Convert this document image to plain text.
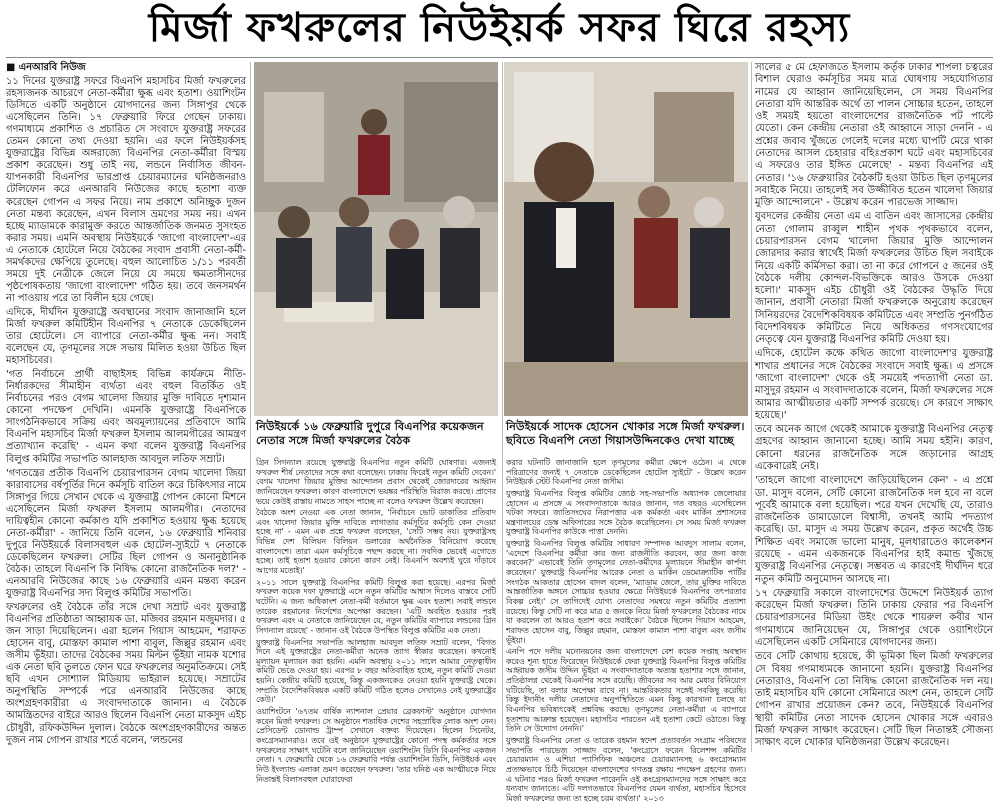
মির্জা ফখরুলের নিউইয়র্ক সফর ঘিরে রহস্য

■ এনআরবি নিউজ

১১ দিনের যুক্তরাষ্ট্র সফরে বিএনপি মহাসচিব মির্জা ফখরুলের রহস্যজনক আচরণে নেতা-কর্মীরা ক্ষুব্ধ এবং হতাশ। ওয়াশিংটন ডিসিতে একটি অনুষ্ঠানে যোগদানের জন্য সিঙ্গাপুর থেকে এসেছিলেন তিনি। ১৭ ফেব্রুয়ারি ফিরে গেছেন ঢাকায়। গণমাধ্যমে প্রকাশিত ও প্রচারিত সে সংবাদে যুক্তরাষ্ট্র সফরের তেমন কোনো তথ্য দেওয়া হয়নি। এর ফলে নিউইয়র্কসহ যুক্তরাষ্ট্রের বিভিন্ন অঙ্গরাজ্যে বিএনপির নেতা-কর্মীরা বিস্ময় প্রকাশ করেছেন। শুধু তাই নয়, লন্ডনে নির্বাসিত জীবন-যাপনকারী বিএনপির ভারপ্রাপ্ত চেয়ারম্যানের ঘনিষ্ঠজনরাও টেলিফোন করে এনআরবি নিউজের কাছে হতাশা ব্যক্ত করেছেন গোপন এ সফর নিয়ে। নাম প্রকাশে অনিচ্ছুক দুজন নেতা মন্তব্য করেছেন, এখন বিলাস ভ্রমণের সময় নয়। এখন হচ্ছে ম্যাডামকে কারামুক্ত করতে আন্তর্জাতিক জনমত সুসংহত করার সময়। এমনি অবস্থায় নিউইয়র্কে 'জাগো বাংলাদেশ'-এর এ নেতাকে হোটেলে নিয়ে বৈঠকের সংবাদ প্রবাসী নেতা-কর্মী-সমর্থকদের ক্ষেপিয়ে তুলেছে। বহুল আলোচিত ১/১১ পরবর্তী সময়ে দুই নেত্রীকে জেলে নিয়ে যে সময়ে ক্ষমতাসীনদের পৃষ্ঠপোষকতায় 'জাগো বাংলাদেশ' গঠিত হয়। তবে জনসমর্থন না পাওয়ায় পরে তা বিলীন হয়ে গেছে।

এদিকে, দীর্ঘদিন যুক্তরাষ্ট্রে অবস্থানের সংবাদ জানাজানি হলে মির্জা ফখরুল কমিটিহীন বিএনপির ৭ নেতাকে ডেকেছিলেন তার হোটেলে। সে ব্যাপারে নেতা-কর্মীর ক্ষুব্ধ নন। সবাই বলেছেন যে, তৃণমূলের সঙ্গে সভায় মিলিত হওয়া উচিত ছিল মহাসচিবের।

'গত নির্বাচনে প্রার্থী বাছাইসহ বিভিন্ন কার্যক্রমে নীতি-নির্ধারকদের সীমাহীন ব্যর্থতা এবং বহুল বিতর্কিত ওই নির্বাচনের পরও বেগম খালেদা জিয়ার মুক্তি দাবিতে দৃশ্যমান কোনো পদক্ষেপ দেখিনি। এমনকি যুক্তরাষ্ট্রে বিএনপিকে সাংগঠনিকভাবে সক্রিয় এবং অবমূল্যায়নের প্রতিবাদে আমি বিএনপি মহাসচিব মির্জা ফখরুল ইসলাম আলমগীরের আমন্ত্রণ প্রত্যাখ্যান করেছি' - এমন কথা বলেন যুক্তরাষ্ট্র বিএনপির বিলুপ্ত কমিটির সভাপতি আলহাজ আবদুল লতিফ সম্রাট।

'গণতন্ত্রের প্রতীক বিএনপি চেয়ারপারসন বেগম খালেদা জিয়া কারাবাসের বর্ষপূর্তির দিনে কর্মসূচি বাতিল করে চিকিৎসার নামে সিঙ্গাপুর গিয়ে সেখান থেকে এ যুক্তরাষ্ট্র গোপন কোনো মিশনে এসেছিলেন মির্জা ফখরুল ইসলাম আলমগীর। নেতাদের দায়িত্বহীন কোনো কর্মকাণ্ড যদি প্রকাশিত হওয়ায় ক্ষুব্ধ হয়েছে নেতা-কর্মীরা' - জানিয়ে তিনি বলেন, ১৬ ফেব্রুয়ারি শনিবার দুপুরে নিউইয়র্কে বিলাসবহুল এক হোটেল-স্যুইটে ৭ নেতাকে ডেকেছিলেন ফখরুল। সেটির ছিল গোপন ও অনানুষ্ঠানিক বৈঠক। তাহলে বিএনপি কি নিষিদ্ধ কোনো রাজনৈতিক দল?' - এনআরবি নিউজের কাছে ১৬ ফেব্রুয়ারি এমন মন্তব্য করেন যুক্তরাষ্ট্র বিএনপির সদ্য বিলুপ্ত কমিটির সভাপতি।

ফখরুলের ওই বৈঠকে তাঁর সঙ্গে দেখা সম্রাট এবং যুক্তরাষ্ট্র বিএনপির প্রতিষ্ঠাতা আহ্বায়ক ডা. মজিবর রহমান মজুমদার। ৫ জন সাড়া দিয়েছিলেন। এরা হলেন গিয়াস আহমেদ, শরাফত হোসেন বাবু, মোস্তফা কামাল পাশা বাবুল, জিল্লুর রহমান এবং জসীম ভূঁইয়া। তাদের বৈঠকের সময় মিল্টন ভূঁইয়া নামক যশোর এক নেতা ছবি তুলতে ফোন ঘরে ফখরুলের অনুমতিক্রমে। সেই ছবি এখন সোশ্যাল মিডিয়ায় ভাইরাল হয়েছে। সম্রাটের অনুপস্থিতি সম্পর্কে পরে এনআরবি নিউজের কাছে অংশগ্রহণকারীরা এ সংবাদদাতাকে জানান। এ বৈঠকে আমন্ত্রিতদের বাইরে আরও ছিলেন বিএনপি নেতা মাকসুদ এইচ চৌধুরী, রফিকউদ্দিন দুলাল। বৈঠকে অংশগ্রহণকারীদের অন্তত দুজন নাম গোপন রাখার শর্তে বলেন, 'লন্ডনের

নিউইয়র্কে ১৬ ফেব্রুয়ারি দুপুরে বিএনপির কয়েকজন নেতার সঙ্গে মির্জা ফখরুলের বৈঠক
নিউইয়র্কে সাদেক হোসেন খোকার সঙ্গে মির্জা ফখরুল। ছবিতে বিএনপি নেতা গিয়াসউদ্দিনকেও দেখা যাচ্ছে

গ্রিন সিগন্যাল রয়েছে যুক্তরাষ্ট্র বিএনপির নতুন কমিটি ঘোষণার। এজন্যই ফখরুল শীর্ষ নেতাদের সঙ্গে কথা বলেছেন। ঢাকায় ফিরেই নতুন কমিটি দেবেন।' বেগম খালেদা জিয়ার মুক্তির আন্দোলন প্রবাস থেকেই জোরদারের আহ্বান জানিয়েছেন ফখরুল। কারণ বাংলাদেশে ভয়ঙ্কর পরিস্থিতি বিরাজ করছে। প্রাণের ভয়ে কেউই রাস্তায় নামতে সাহস পাচ্ছে না বলেও ফখরুল উল্লেখ করেছেন।

বৈঠকে অংশ নেওয়া এক নেতা জানান, 'নির্বাচনে ভোট ডাকাতির প্রতিবাদ এবং খালেদা জিয়ার মুক্তি দাবিতে লাগাতার কর্মসূচির কর্মসূচি কেন দেওয়া হচ্ছে না' - এমন এক প্রশ্নে ফখরুল বলেছেন, 'সেটি সম্ভব নয়। যুক্তরাষ্ট্রসহ বিভিন্ন দেশ বিলিয়ন বিলিয়ন ডলারের অর্থনৈতিক বিনিয়োগ করেছে বাংলাদেশে। তারা এমন কর্মসূচিকে পছন্দ করছে না। সবদিক ভেবেই এগোতে হচ্ছে। তাই হতাশ হওয়ার কোনো কারণ নেই। বিএনপি অবশ্যই ঘুরে দাঁড়াবে আগের মতোই।'

২০১১ সালে যুক্তরাষ্ট্র বিএনপির কমিটি বিলুপ্ত করা হয়েছে। এরপর মির্জা ফখরুল কয়েক দফা যুক্তরাষ্ট্রে এসে নতুন কমিটির আশ্বাস দিলেও বাস্তবে সেটি ঘটেনি। এ জন্য অধিকাংশ নেতা-কর্মী বর্তমানে ক্ষুব্ধ এবং হতাশ। সবাই লন্ডনে তারেক রহমানের নির্দেশের অপেক্ষা করছেন। 'এটি অবহিত হওয়ার পরই ফখরুল এবং এ নেতাকে জানিয়েছেন যে, নতুন কমিটির ব্যাপারে লন্ডনের গ্রিন সিগন্যাল রয়েছে' - জানান ওই বৈঠকে উপস্থিত বিলুপ্ত কমিটির এক নেতা।

যুক্তরাষ্ট্র বিএনপির সভাপতি আলহাজ আবদুল লতিফ সম্রাট বলেন, 'বিগত দিনে এই যুক্তরাষ্ট্রের নেতা-কর্মীরা অনেক ত্যাগ স্বীকার করেছেন। কখনোই মূল্যায়ন মূল্যায়ন করা হয়নি। এমনি অবস্থায় ২০১১ সালে আমার নেতৃত্বাধীন কমিটি ভেঙে দেওয়া হয়। এরপর ৮ বছর অতিবাহিত হচ্ছে, নতুন কমিটি দেওয়া হয়নি। কেন্দ্রীয় কমিটি হয়েছে, কিন্তু একজনকেও নেওয়া হয়নি যুক্তরাষ্ট্র থেকে। সম্প্রতি বৈদেশিকবিষয়ক একটি কমিটি গঠিত হলেও সেখানেও নেই যুক্তরাষ্ট্রের কেউ।'

ওয়াশিংটনে '৬৭তম বার্ষিক ন্যাশনাল প্রেয়ার ব্রেকফাস্ট' অনুষ্ঠানে যোগদান করেন মির্জা ফখরুল। সে অনুষ্ঠানে শতাধিক দেশের সহস্রাধিক লোক অংশ নেন। প্রেসিডেন্ট ডোনাল্ড ট্রাম্প সেখানে বক্তব্য দিয়েছেন। ছিলেন সিনেটর, কংগ্রেসম্যানরাও। তবে ওই অনুষ্ঠানে যুক্তরাষ্ট্রের কোনো পদস্থ কর্মকর্তার সঙ্গে ফখরুলের সাক্ষাৎ ঘটেনি বলে জানিয়েছেন ওয়াশিংটন ডিসি বিএনপির একজন নেতা। ৭ ফেব্রুয়ারি থেকে ১৬ ফেব্রুয়ারি পর্যন্ত ওয়াশিংটন ডিসি, নিউইয়র্ক এবং নিউ ইংল্যান্ড এলাকা ভ্রমণ করেছেন ফখরুল। 'তার ঘনিষ্ঠ এক আত্মীয়কে নিয়ে নিতান্তই বিলাসবহুল ঘোরাফেরা

করার ঘটনাটি জানাজানি হলে তৃণমূলের কর্মীরা ক্ষেপে ওঠেন। এ থেকে পরিত্রাণের জন্যই ৭ নেতাকে ডেকেছিলেন হোটেল স্যুইটে' - উল্লেখ করেন নিউইয়র্ক স্টেট বিএনপির নেতা জসীম।

যুক্তরাষ্ট্র বিএনপির বিলুপ্ত কমিটির জ্যেষ্ঠ সহ-সভাপতি অধ্যাপক জেলোয়ার হোসেন এ প্রসঙ্গে এ সংবাদদাতাকে আরও জানান, গত বছরও এসেছিলেন খটকা সফরে। জাতিসংঘের নিরাপত্তার এক কর্মকর্তা এবং মার্কিন প্রশাসনের মন্ত্রণালয়ের ডেস্ক অফিসারের সঙ্গে বৈঠক করেছিলেন। সে সময় মির্জা ফখরুল যুক্তরাষ্ট্র বিএনপির কাউকে পাত্তা দেননি।

যুক্তরাষ্ট্র বিএনপির বিলুপ্ত কমিটির সাধারণ সম্পাদক আবদুস সালাম বলেন, 'এদেশে বিএনপির কর্মীরা কার জন্য রাজনীতি করবেন, কার জন্য কাজ করবেন?' এভাবেই তিনি তৃণমূলের নেতা-কর্মীদের মূল্যায়নে সীমাহীন কার্পণ্য করেছেন।' যুক্তরাষ্ট্র বিএনপির আরেক নেতা ও মার্কিন ডেমোক্র্যাটিক পার্টির সংগঠক আকতার হোসেন বাদল বলেন, 'ম্যাডাম জেলে, তার মুক্তির দাবিতে আন্তর্জাতিক অঙ্গনে সোচ্চার হওয়ার ক্ষেত্রে নিউইয়র্কে বিএনপির তৎপরতার বিকল্প নেই।' সে তাগিদেই যোগ্য নেতাদের সমন্বয়ে নতুন কমিটির প্রত্যাশা রয়েছে। কিন্তু সেটি না করে মাত্র ৫ জনকে নিয়ে মির্জা ফখরুলের বৈঠকের নামে যা করলেন তা আরও হতাশ করে সবাইকে।' বৈঠকে ছিলেন গিয়াস আহমেদ, শরাফত হোসেন বাবু, জিল্লুর রহমান, মোস্তফা কামাল পাশা বাবুল এবং জসীম ভূঁইয়া।

এনপি পদে দলীয় মনোনয়নের জন্য বাংলাদেশে বেশ কয়েক সপ্তাহ অবস্থান করেও শূন্য হাতে ফিরেছেন নিউইয়র্কে ফেরা যুক্তরাষ্ট্র বিএনপির বিলুপ্ত কমিটির আহ্বায়ক জসীম উদ্দিন ভূঁইয়া এ সংবাদদাতাকে অত্যন্ত হতাশার সঙ্গে জানান, প্রতিষ্ঠালগ্ন থেকেই বিএনপির সঙ্গে রয়েছি। জীবনের সব আর মেধার বিনিয়োগ ঘটিয়েছি, তা বলার অপেক্ষা রাখে না। আন্তরিকতার সঙ্গেই সবকিছু করেছি। কিন্তু ইদানীং দলীয় নেতাদের অনুপস্থিতিতে এমন কিছু কারখানা চলছে যা বিএনপির ভবিষ্যৎকেই প্রশ্নবিদ্ধ করছে। তৃণমূলের নেতা-কর্মীরা এ ব্যাপারে হতাশায় আক্রান্ত হয়েছেন। মহাসচিব পারতেন এই হতাশা কেটে ওঠাতে। কিন্তু তিনি সে উদ্যোগ নেননি।'

যুক্তরাষ্ট্র বিএনপির নেতা ও তারেক রহমান স্বদেশ প্রত্যাবর্তন সংগ্রাম পরিষদের সভাপতি পারভেজ সাজ্জাদ বলেন, 'কংগ্রেসে ফরেন রিলেশন্স কমিটির চেয়ারম্যান ও এশিয়া প্যাসিফিক অঞ্চলের চেয়ারম্যানসহ ৬ কংগ্রেসম্যান প্রত্যক্ষভাবে চিঠি দিয়েছেন বাংলাদেশের গণতন্ত্র রক্ষায় পদক্ষেপ গ্রহণের জন্য। এ ঘটনার পরও মির্জা ফখরুল পারেননি ওই কংগ্রেসম্যানদের সঙ্গে সাক্ষাৎ করে ধন্যবাদ জানাতে। এটি দলগতভাবে বিএনপির যেমন ব্যর্থতা, মহাসচিব হিসেবে মির্জা ফখরুলের জন্য তা হচ্ছে চরম ব্যর্থতা।' ২০১৩

সালের ৫ মে হেফাজতে ইসলাম কর্তৃক ঢাকার শাপলা চত্বরের বিশাল ঘেরাও কর্মসূচির সময় মাত্র ঘোষণায় সহযোগিতার নামের যে আহ্বান জানিয়েছিলেন, সে সময় বিএনপির নেতারা যদি আন্তরিক অর্থে তা পালন সোচ্চার হতেন, তাহলে ওই সময়ই হয়তো বাংলাদেশের রাজনৈতিক পট পাল্টে যেতো। কেন কেন্দ্রীয় নেতারা ওই আহ্বানে সাড়া দেননি - এ প্রশ্নের জবাব খুঁজতে গেলেই দলের মধ্যে ঘাপটি মেরে থাকা নেতাদের আসল চেহারার বহিঃপ্রকাশ ঘটে এবং মহাসচিবের এ সফরেও তার ইঙ্গিত মেলেছে' - মন্তব্য বিএনপির এই নেতার। '১৬ ফেব্রুয়ারির বৈঠকটি হওয়া উচিত ছিল তৃণমূলের সবাইকে নিয়ে। তাহলেই সব উজ্জীবিত হতেন খালেদা জিয়ার মুক্তি আন্দোলনে' - উল্লেখ করেন পারভেজ সাজ্জাদ।

যুবদলের কেন্দ্রীয় নেতা এম এ বাতিন এবং জাসাসের কেন্দ্রীয় নেতা গোলাম রাব্বুল শাহীন পৃথক পৃথকভাবে বলেন, চেয়ারপারসন বেগম খালেদা জিয়ার মুক্তি আন্দোলন জোরদার করার স্বার্থেই মির্জা ফখরুলের উচিত ছিল সবাইকে নিয়ে একটি কর্মিসভা করা। তা না করে গোপনে ৫ জনের ওই বৈঠকে দলীয় কোন্দল-বিভক্তিকে আরও উসকে দেওয়া হলো।' মাকসুদ এইচ চৌধুরী ওই বৈঠকের উদ্ধৃতি দিয়ে জানান, প্রবাসী নেতারা মির্জা ফখরুলকে অনুরোধ করেছেন সিনিয়রদের বৈদেশিকবিষয়ক কমিটিতে এবং সম্প্রতি পুনর্গঠিত বিদেশবিষয়ক কমিটিতে নিয়ে অধিকতর গণসংযোগের নেতৃত্বে যেন যুক্তরাষ্ট্র বিএনপির কমিটি দেওয়া হয়।

এদিকে, হোটেল কক্ষে কথিত জাগো বাংলাদেশ'র যুক্তরাষ্ট্র শাখার প্রধানের সঙ্গে বৈঠকের সংবাদে সবাই ক্ষুব্ধ। এ প্রসঙ্গে 'জাগো বাংলাদেশ' থেকে ওই সময়েই পদত্যাগী নেতা ডা. মাসুদুর রহমান এ সংবাদদাতাকে বলেন, মির্জা ফখরুলের সঙ্গে আমার আত্মীয়তার একটি সম্পর্ক রয়েছে। সে কারণে সাক্ষাৎ হয়েছে।'

তবে অনেক আগে থেকেই আমাকে যুক্তরাষ্ট্র বিএনপির নেতৃত্ব গ্রহণের আহ্বান জানানো হচ্ছে। আমি সময় হইনি। কারণ, কোনো ধরনের রাজনৈতিক সঙ্গে জড়ানোর আগ্রহ একেবারেই নেই।

'তাহলে জাগো বাংলাদেশে জড়িয়েছিলেন কেন' - এ প্রশ্নে ডা. মাসুদ বলেন, সেটি কোনো রাজনৈতিক দল হবে না বলে পূর্বেই আমাকে বলা হয়েছিল। পরে যখন দেখেছি যে, তারাও রাজনৈতিক ডামাডোলে বিশ্বাসী, তখনই আমি পদত্যাগ করেছি। ডা. মাসুদ এ সময় উল্লেখ করেন, প্রকৃত অর্থেই উচ্চ শিক্ষিত এবং সমাজে ভালো মানুষ, মূলধারাতেও কালেকশন রয়েছে - এমন একজনকে বিএনপির হাই কমান্ড খুঁজছে যুক্তরাষ্ট্র বিএনপির নেতৃত্বে। সম্ভবত এ কারণেই দীর্ঘদিন ধরে নতুন কমিটি অনুমোদন আসছে না।

১৭ ফেব্রুয়ারি সকালে বাংলাদেশের উদ্দেশে নিউইয়র্ক ত্যাগ করেছেন মির্জা ফখরুল। তিনি ঢাকায় ফেরার পর বিএনপি চেয়ারপারসনের মিডিয়া উইং থেকে শায়রুল কবীর খান গণমাধ্যমে জানিয়েছেন যে, সিঙ্গাপুর থেকে ওয়াশিংটনে এসেছিলেন একটি সেমিনারে যোগদানের জন্য।

তবে সেটি কোথায় হয়েছে, কী ভূমিকা ছিল মির্জা ফখরুলের সে বিষয় গণমাধ্যমকে জানানো হয়নি। যুক্তরাষ্ট্র বিএনপির নেতারাও, বিএনপি তো নিষিদ্ধ কোনো রাজনৈতিক দল নয়। তাই মহাসচিব যদি কোনো সেমিনারে অংশ নেন, তাহলে সেটি গোপন রাখার প্রয়োজন কেন? তবে, নিউইয়র্কে বিএনপির স্থায়ী কমিটির নেতা সাদেক হোসেন খোকার সঙ্গে এবারও মির্জা ফখরুল সাক্ষাৎ করেছেন। সেটি ছিল নিতান্তই সৌজন্য সাক্ষাৎ বলে খোকার ঘনিষ্ঠজনরা উল্লেখ করেছেন।
